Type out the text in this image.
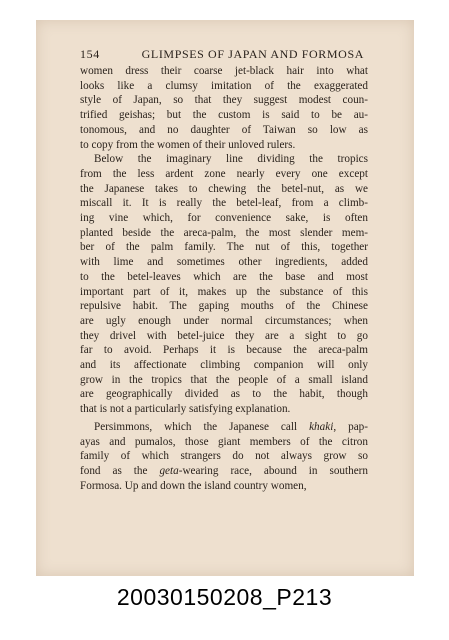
154	GLIMPSES OF JAPAN AND FORMOSA
women dress their coarse jet-black hair into what
looks like a clumsy imitation of the exaggerated
style of Japan, so that they suggest modest coun-
trified geishas; but the custom is said to be au-
tonomous, and no daughter of Taiwan so low as
to copy from the women of their unloved rulers.
Below the imaginary line dividing the tropics
from the less ardent zone nearly every one except
the Japanese takes to chewing the betel-nut, as we
miscall it. It is really the betel-leaf, from a climb-
ing vine which, for convenience sake, is often
planted beside the areca-palm, the most slender mem-
ber of the palm family. The nut of this, together
with lime and sometimes other ingredients, added
to the betel-leaves which are the base and most
important part of it, makes up the substance of this
repulsive habit. The gaping mouths of the Chinese
are ugly enough under normal circumstances; when
they drivel with betel-juice they are a sight to go
far to avoid. Perhaps it is because the areca-palm
and its affectionate climbing companion will only
grow in the tropics that the people of a small island
are geographically divided as to the habit, though
that is not a particularly satisfying explanation.
Persimmons, which the Japanese call khaki, pap-
ayas and pumalos, those giant members of the citron
family of which strangers do not always grow so
fond as the geta-wearing race, abound in southern
Formosa. Up and down the island country women,
20030150208_P213
